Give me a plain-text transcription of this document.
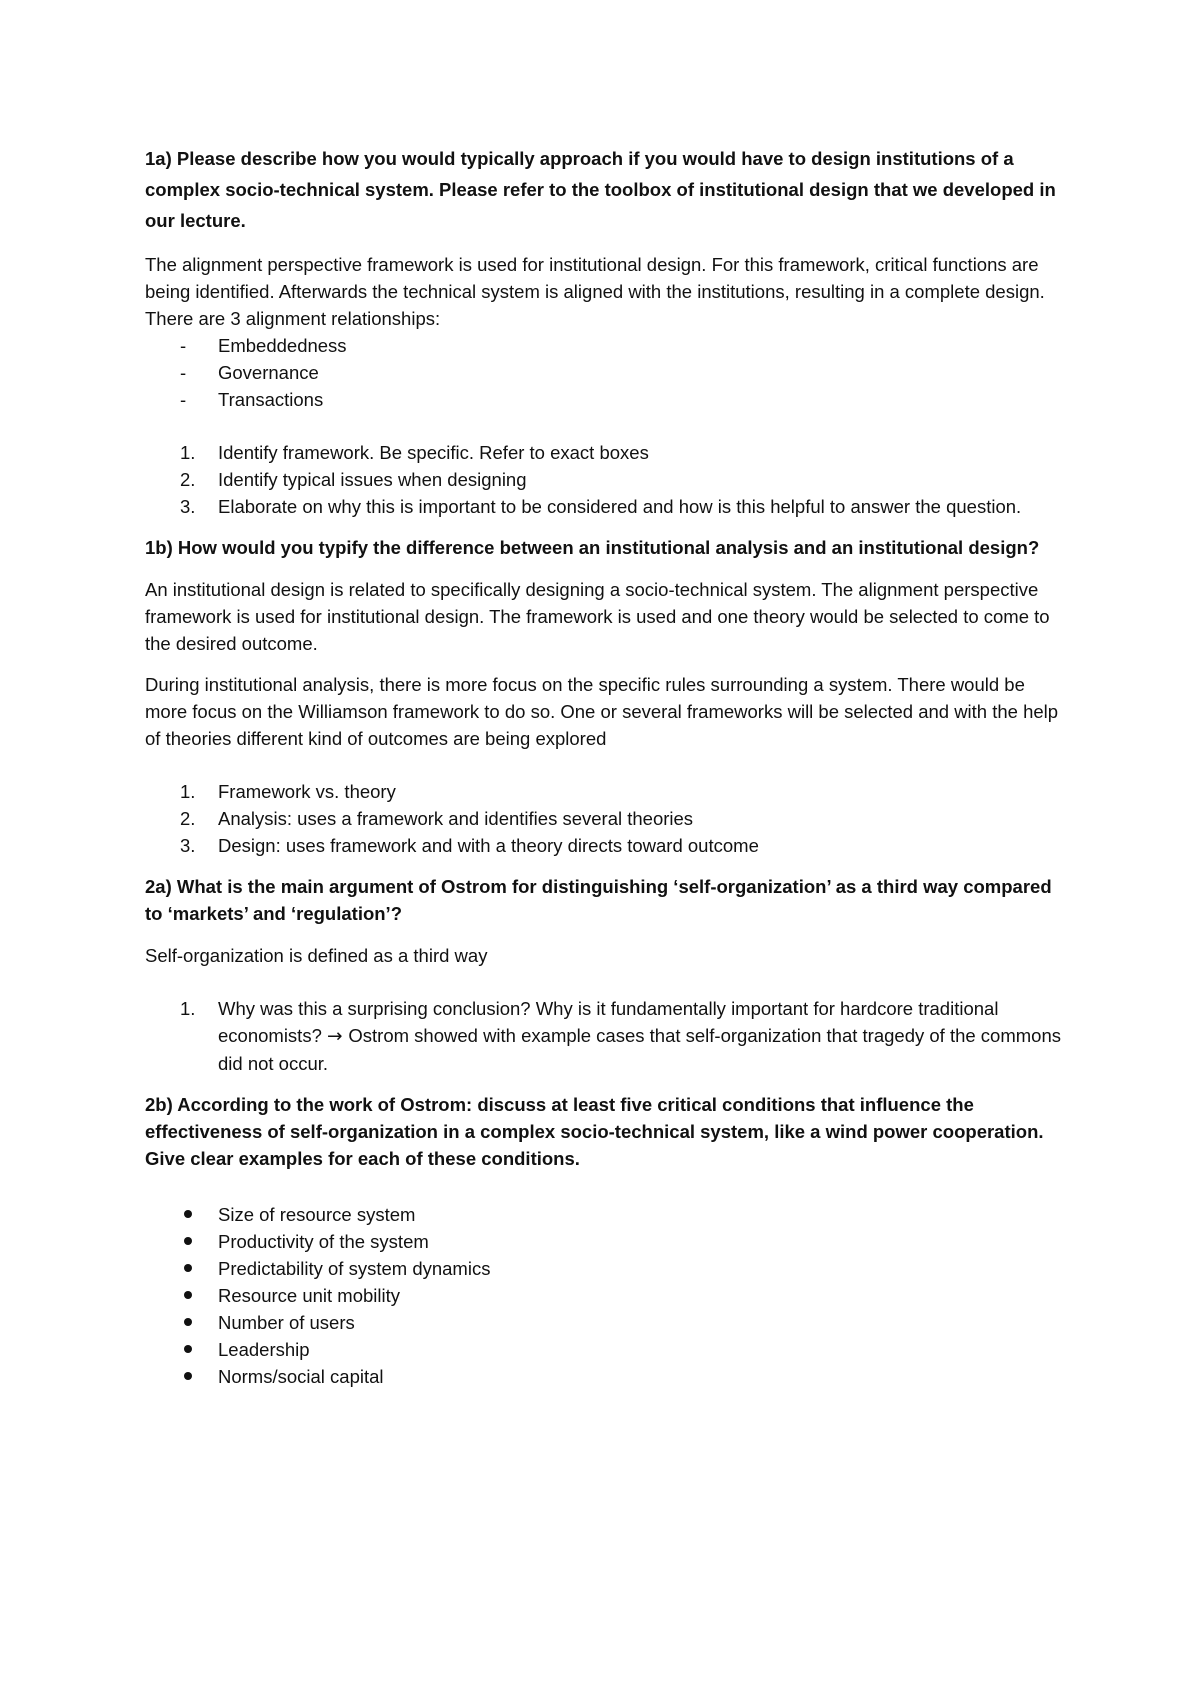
1a) Please describe how you would typically approach if you would have to design institutions of a complex socio-technical system. Please refer to the toolbox of institutional design that we developed in our lecture.

The alignment perspective framework is used for institutional design. For this framework, critical functions are being identified. Afterwards the technical system is aligned with the institutions, resulting in a complete design. There are 3 alignment relationships:

-	Embeddedness
-	Governance
-	Transactions
1.	Identify framework. Be specific. Refer to exact boxes
2.	Identify typical issues when designing
3.	Elaborate on why this is important to be considered and how is this helpful to answer the question.

1b) How would you typify the difference between an institutional analysis and an institutional design?

An institutional design is related to specifically designing a socio-technical system. The alignment perspective framework is used for institutional design. The framework is used and one theory would be selected to come to the desired outcome.

During institutional analysis, there is more focus on the specific rules surrounding a system. There would be more focus on the Williamson framework to do so. One or several frameworks will be selected and with the help of theories different kind of outcomes are being explored

1.	Framework vs. theory
2.	Analysis: uses a framework and identifies several theories
3.	Design: uses framework and with a theory directs toward outcome

2a) What is the main argument of Ostrom for distinguishing ‘self-organization’ as a third way compared to ‘markets’ and ‘regulation’?

Self-organization is defined as a third way

1.	Why was this a surprising conclusion? Why is it fundamentally important for hardcore traditional economists? → Ostrom showed with example cases that self-organization that tragedy of the commons did not occur.

2b) According to the work of Ostrom: discuss at least five critical conditions that influence the effectiveness of self-organization in a complex socio-technical system, like a wind power cooperation. Give clear examples for each of these conditions.

Size of resource system
Productivity of the system
Predictability of system dynamics
Resource unit mobility
Number of users
Leadership
Norms/social capital
